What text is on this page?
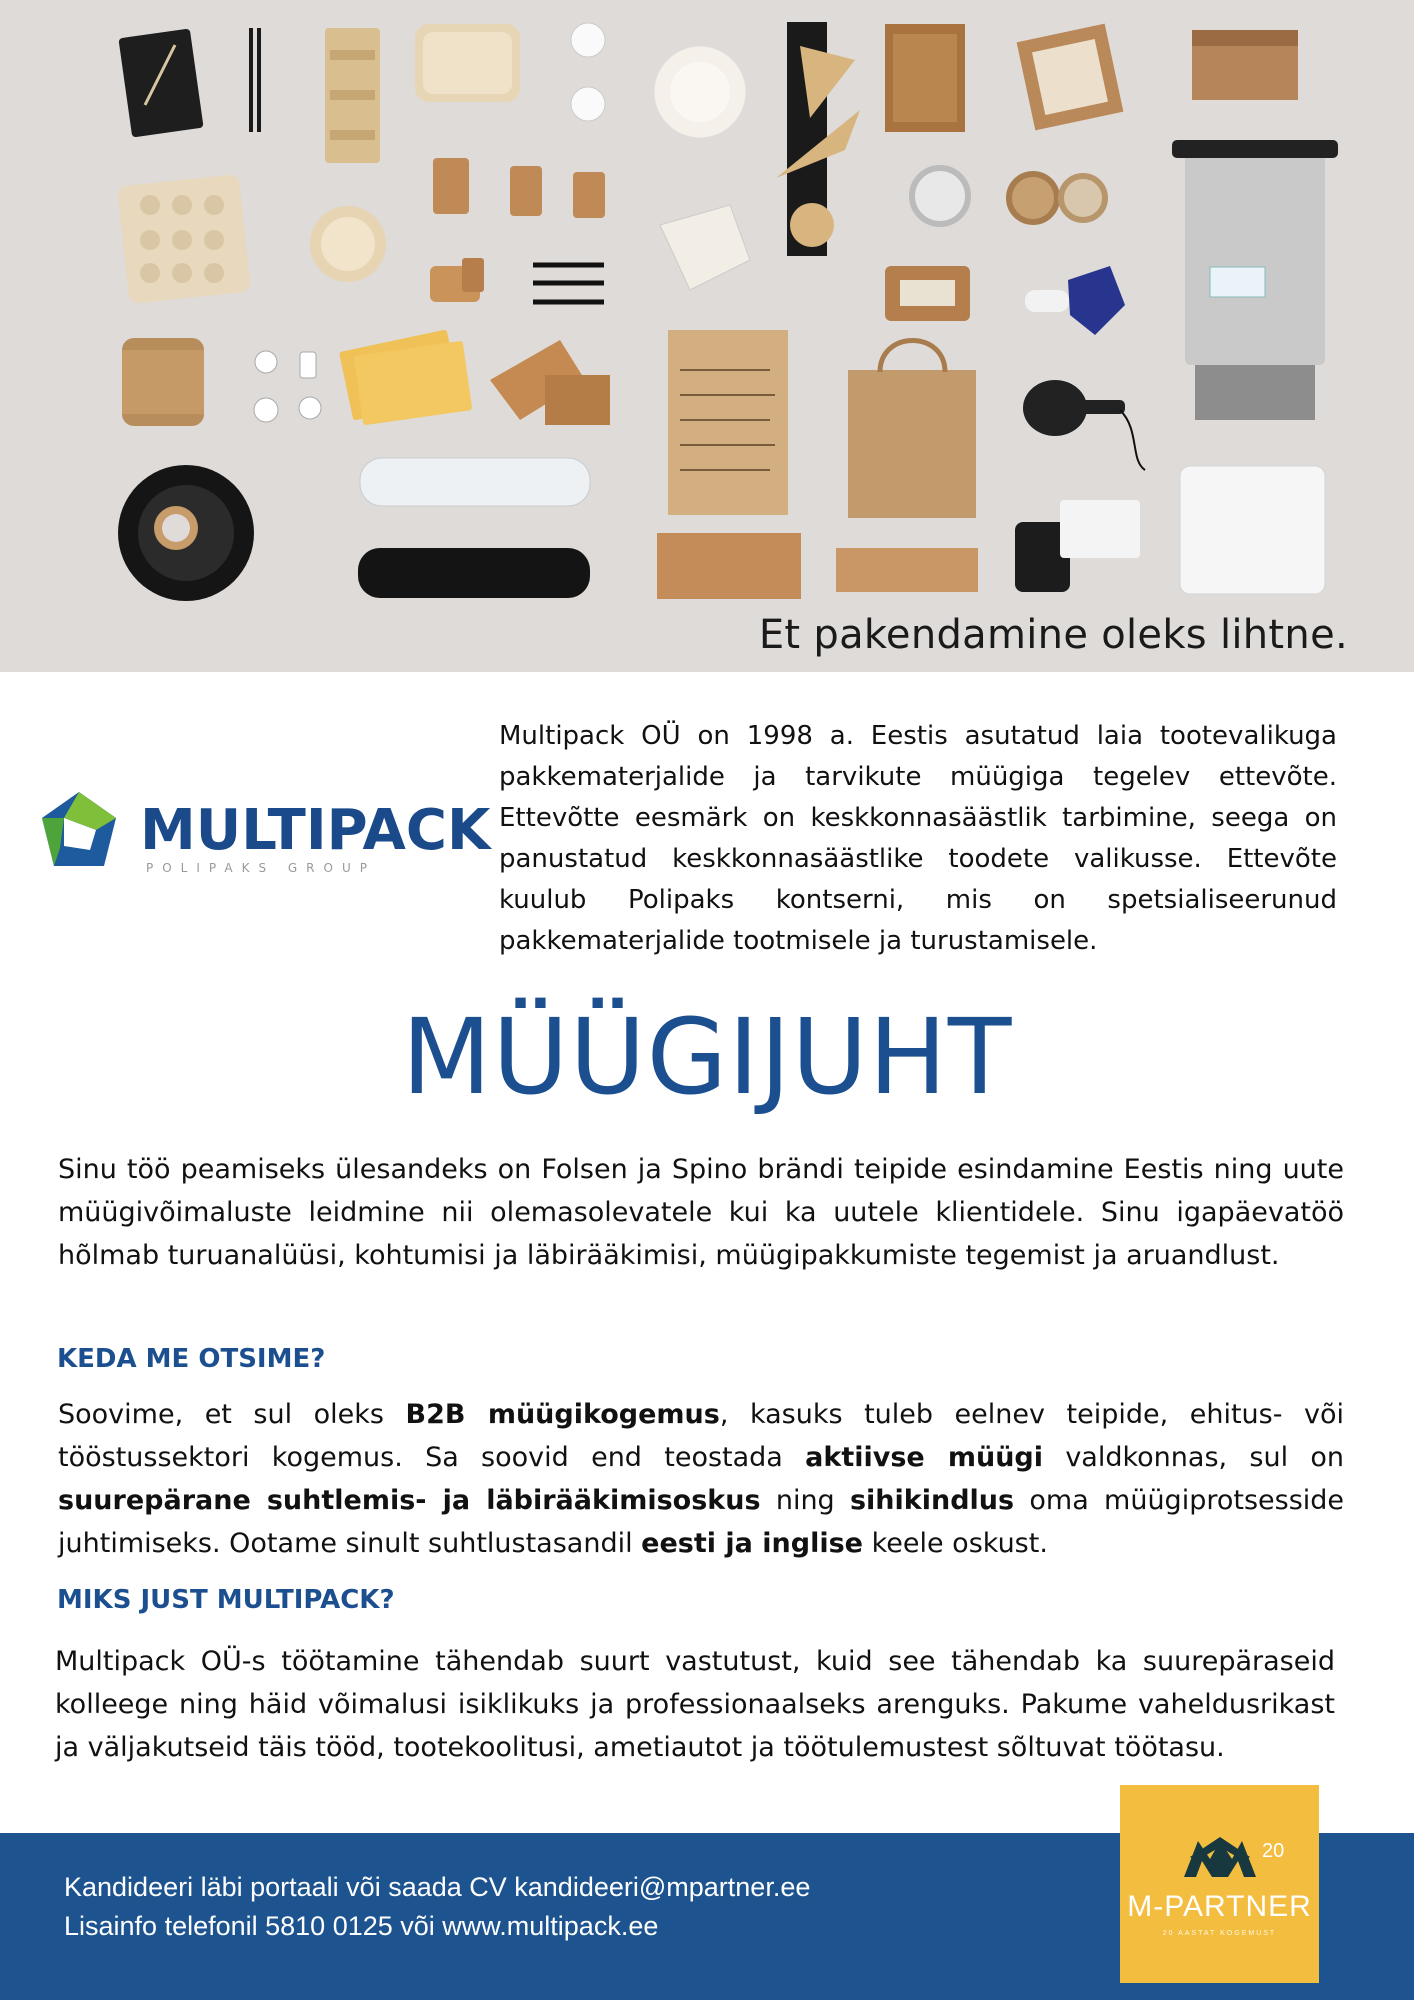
Et pakendamine oleks lihtne.
MULTIPACK
POLIPAKS GROUP
Multipack OÜ on 1998 a. Eestis asutatud laia tootevalikuga pakkematerjalide ja tarvikute müügiga tegelev ettevõte. Ettevõtte eesmärk on keskkonnasäästlik tarbimine, seega on panustatud keskkonnasäästlike toodete valikusse. Ettevõte kuulub Polipaks kontserni, mis on spetsialiseerunud pakkematerjalide tootmisele ja turustamisele.
MÜÜGIJUHT
Sinu töö peamiseks ülesandeks on Folsen ja Spino brändi teipide esindamine Eestis ning uute müügivõimaluste leidmine nii olemasolevatele kui ka uutele klientidele. Sinu igapäevatöö hõlmab turuanalüüsi, kohtumisi ja läbirääkimisi, müügipakkumiste tegemist ja aruandlust.
KEDA ME OTSIME?
Soovime, et sul oleks B2B müügikogemus, kasuks tuleb eelnev teipide, ehitus- või tööstussektori kogemus. Sa soovid end teostada aktiivse müügi valdkonnas, sul on suurepärane suhtlemis- ja läbirääkimisoskus ning sihikindlus oma müügiprotsesside juhtimiseks. Ootame sinult suhtlustasandil eesti ja inglise keele oskust.
MIKS JUST MULTIPACK?
Multipack OÜ-s töötamine tähendab suurt vastutust, kuid see tähendab ka suurepäraseid kolleege ning häid võimalusi isiklikuks ja professionaalseks arenguks. Pakume vaheldusrikast ja väljakutseid täis tööd, tootekoolitusi, ametiautot ja töötulemustest sõltuvat töötasu.
Kandideeri läbi portaali või saada CV kandideeri@mpartner.ee
Lisainfo telefonil 5810 0125 või www.multipack.ee
20
M-PARTNER
20 AASTAT KOGEMUST
